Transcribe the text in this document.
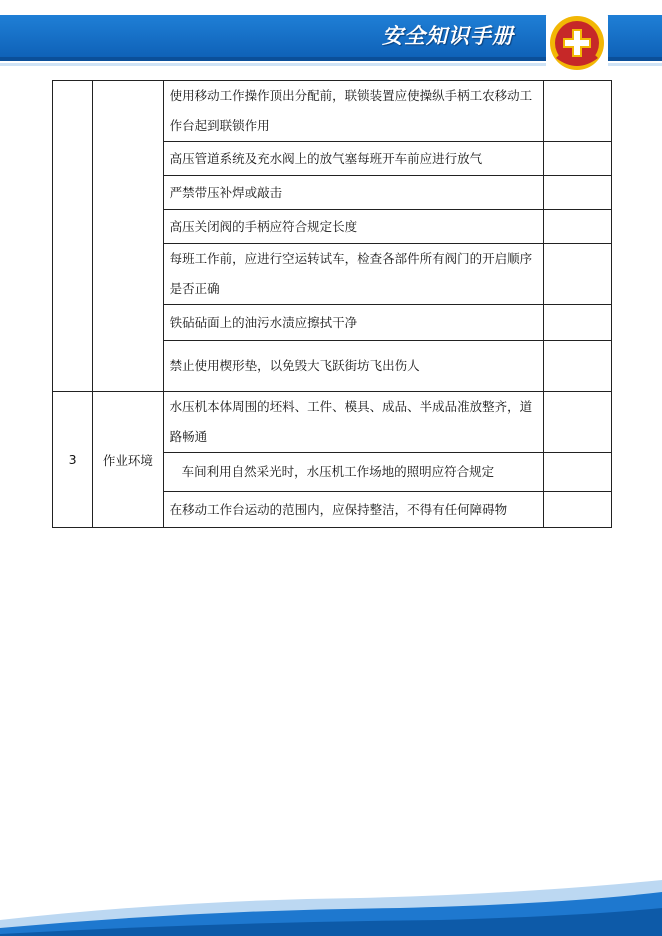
安全知识手册
		使用移动工作操作顶出分配前，联锁装置应使操纵手柄工农移动工作台起到联锁作用	
		高压管道系统及充水阀上的放气塞每班开车前应进行放气	
		严禁带压补焊或敲击	
		高压关闭阀的手柄应符合规定长度	
		每班工作前，应进行空运转试车，检查各部件所有阀门的开启顺序是否正确	
		铁砧砧面上的油污水渍应擦拭干净	
		禁止使用楔形垫，以免毁大飞跃街坊飞出伤人	
3	作业环境	水压机本体周围的坯料、工件、模具、成品、半成品准放整齐，道路畅通	
		车间利用自然采光时，水压机工作场地的照明应符合规定	
		在移动工作台运动的范围内，应保持整洁，不得有任何障碍物	
